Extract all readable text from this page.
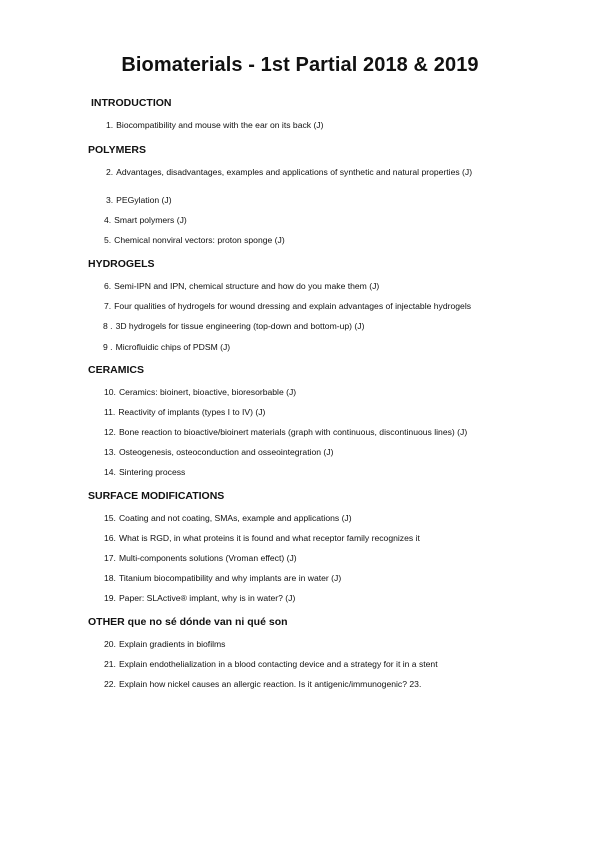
Biomaterials - 1st Partial 2018 & 2019
INTRODUCTION
1. Biocompatibility and mouse with the ear on its back (J)
POLYMERS
2. Advantages, disadvantages, examples and applications of synthetic and natural properties (J)
3. PEGylation (J)
4. Smart polymers (J)
5. Chemical nonviral vectors: proton sponge (J)
HYDROGELS
6. Semi-IPN and IPN, chemical structure and how do you make them (J)
7. Four qualities of hydrogels for wound dressing and explain advantages of injectable hydrogels
8 . 3D hydrogels for tissue engineering (top-down and bottom-up) (J)
9 . Microfluidic chips of PDSM (J)
CERAMICS
10. Ceramics: bioinert, bioactive, bioresorbable (J)
11. Reactivity of implants (types I to IV) (J)
12. Bone reaction to bioactive/bioinert materials (graph with continuous, discontinuous lines) (J)
13. Osteogenesis, osteoconduction and osseointegration (J)
14. Sintering process
SURFACE MODIFICATIONS
15. Coating and not coating, SMAs, example and applications (J)
16. What is RGD, in what proteins it is found and what receptor family recognizes it
17. Multi-components solutions (Vroman effect) (J)
18. Titanium biocompatibility and why implants are in water (J)
19. Paper: SLActive® implant, why is in water? (J)
OTHER que no sé dónde van ni qué son
20. Explain gradients in biofilms
21. Explain endothelialization in a blood contacting device and a strategy for it in a stent
22. Explain how nickel causes an allergic reaction. Is it antigenic/immunogenic? 23.
